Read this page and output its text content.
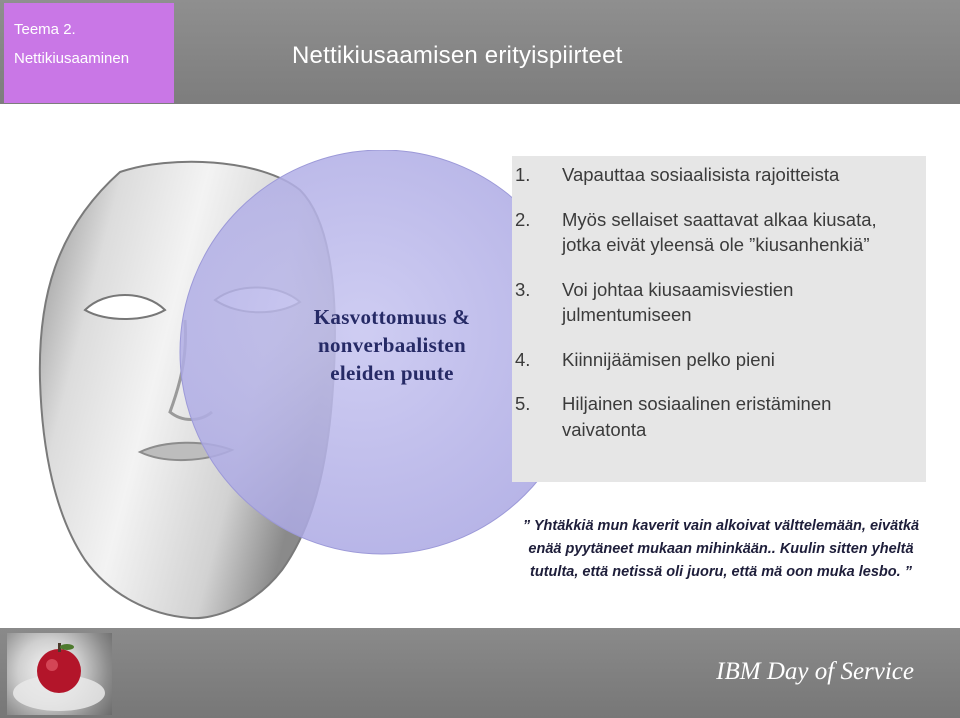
Teema 2.
Nettikiusaaminen	Nettikiusaamisen erityispiirteet
Kasvottomuus &
nonverbaalisten
eleiden puute
1.	Vapauttaa sosiaalisista rajoitteista
2.	Myös sellaiset saattavat alkaa kiusata, jotka eivät yleensä ole ”kiusanhenkiä”
3.	Voi johtaa kiusaamisviestien julmentumiseen
4.	Kiinnijäämisen pelko pieni
5.	Hiljainen sosiaalinen eristäminen vaivatonta
” Yhtäkkiä mun kaverit vain alkoivat välttelemään, eivätkä enää pyytäneet mukaan mihinkään.. Kuulin sitten yheltä tutulta, että netissä oli juoru, että mä oon muka lesbo. ”
IBM Day of Service
